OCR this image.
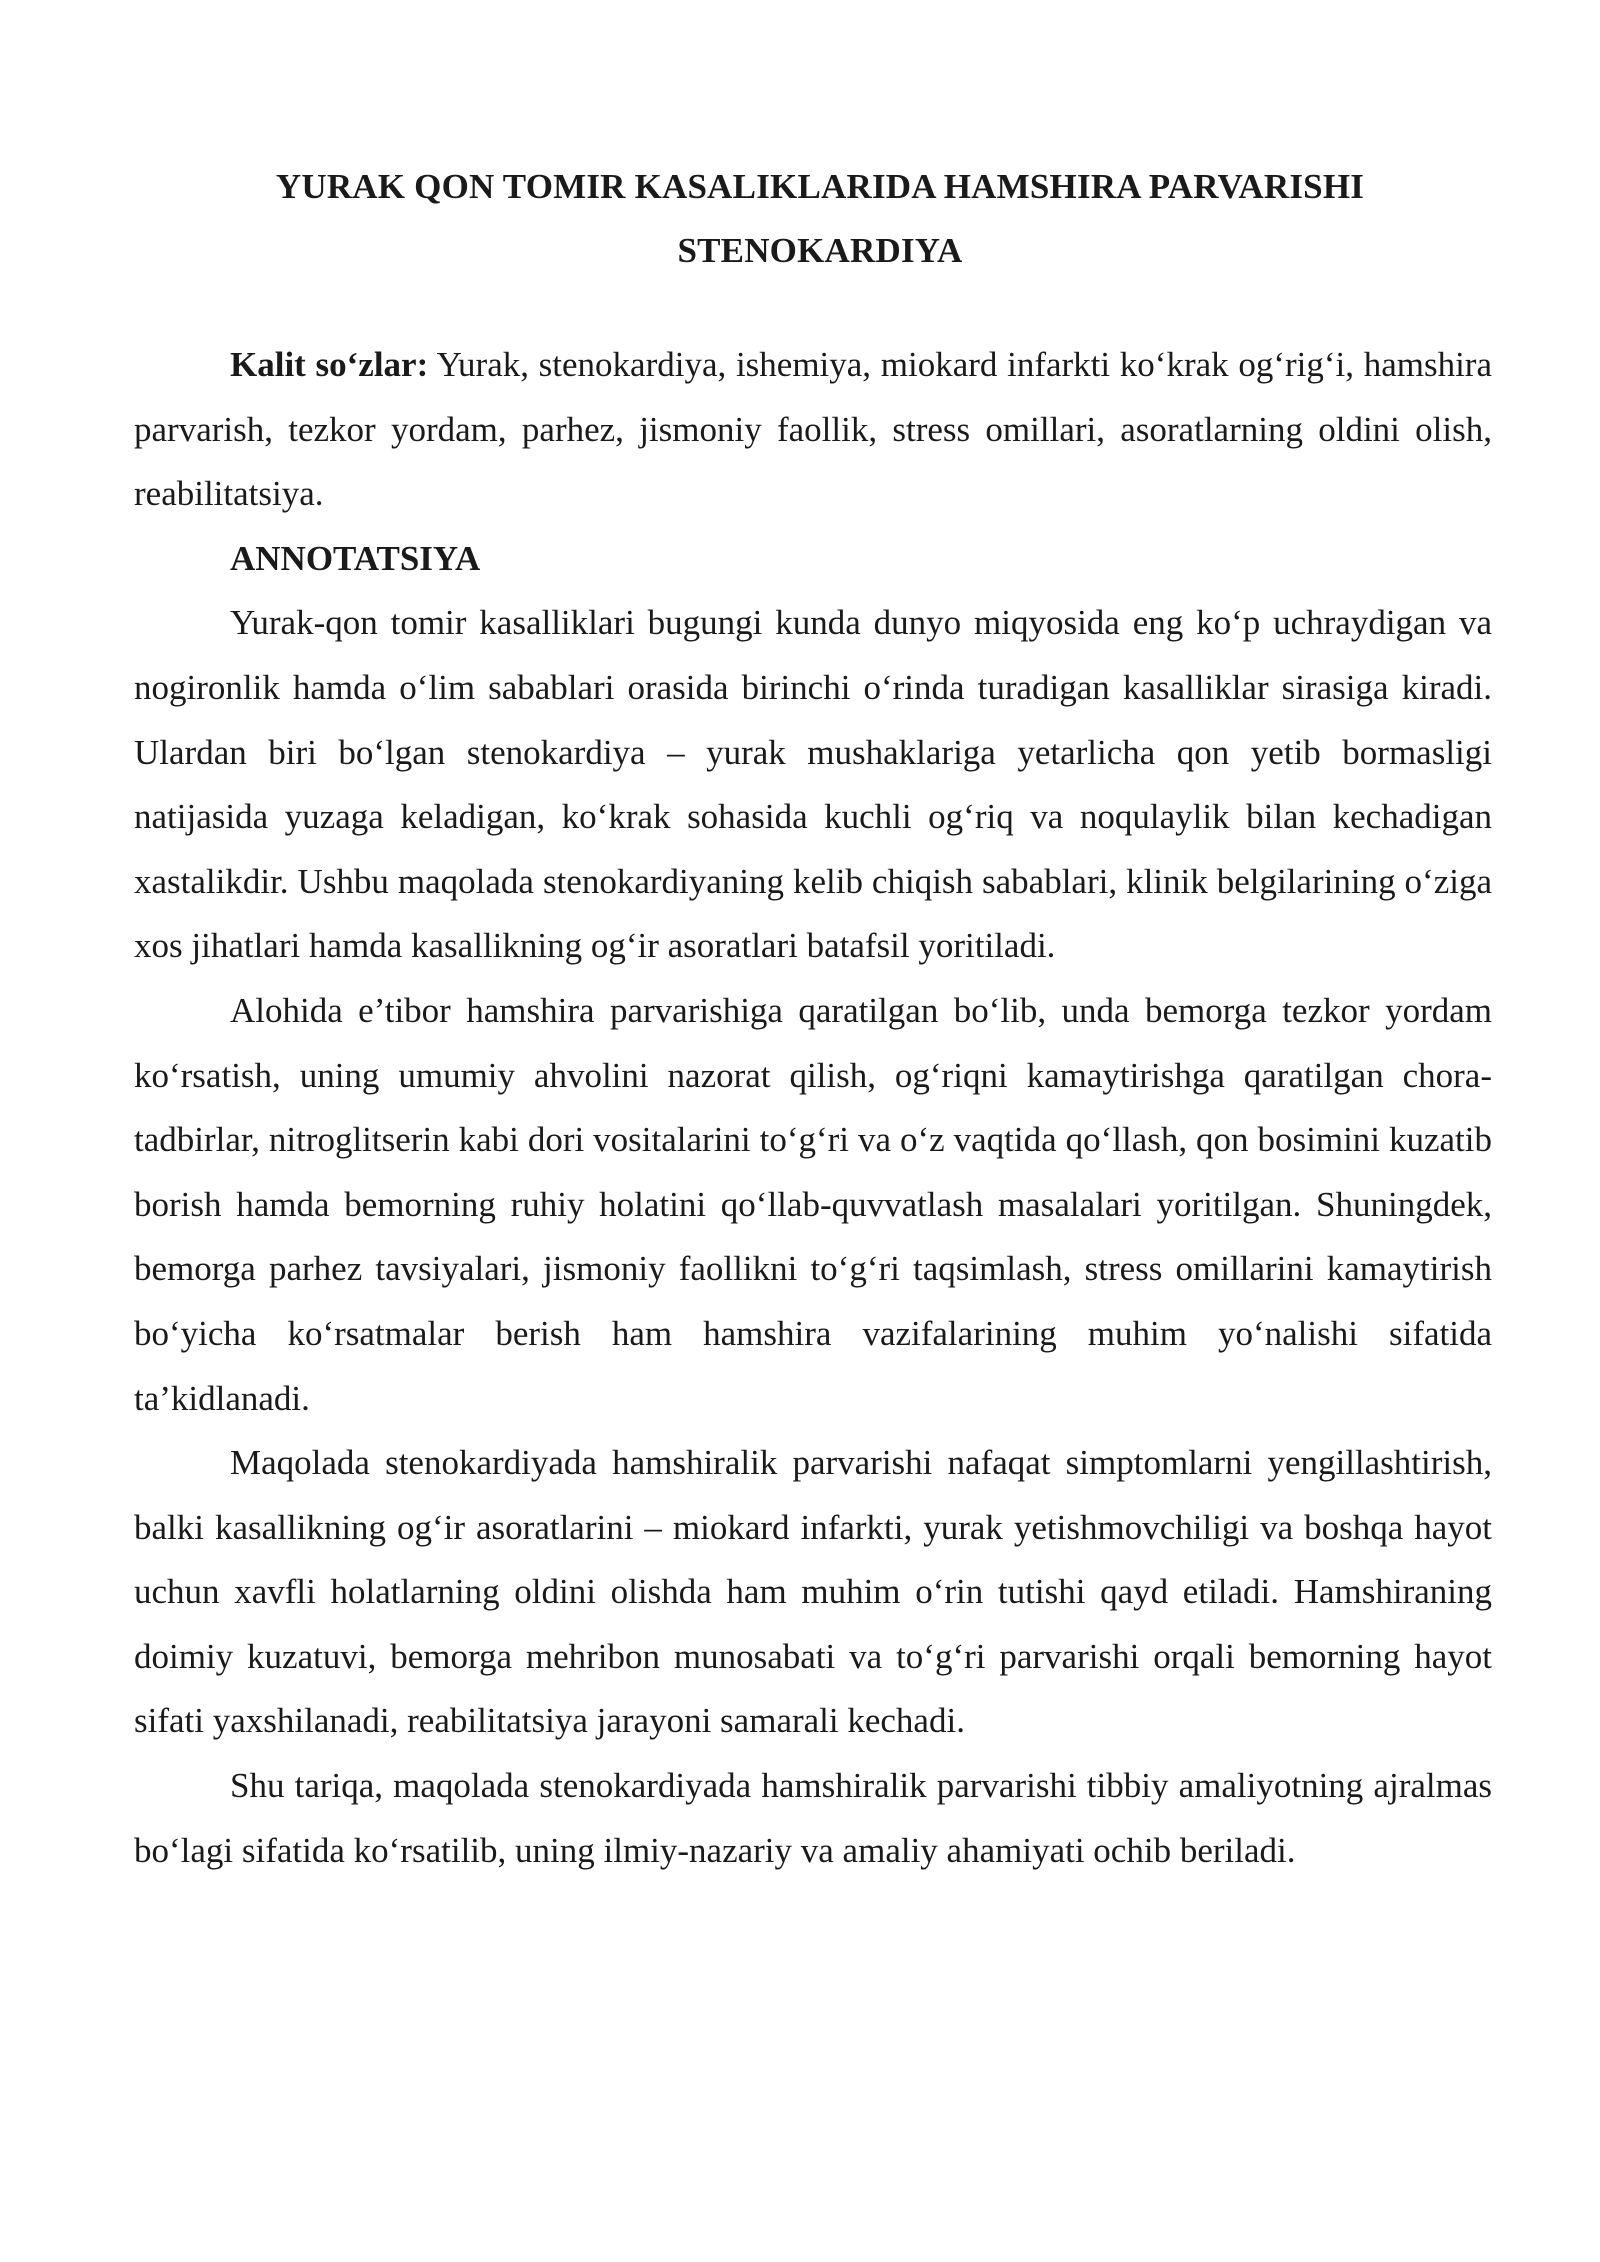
YURAK QON TOMIR KASALIKLARIDA HAMSHIRA PARVARISHI
STENOKARDIYA

Kalit so‘zlar: Yurak, stenokardiya, ishemiya, miokard infarkti ko‘krak og‘rig‘i, hamshira parvarish, tezkor yordam, parhez, jismoniy faollik, stress omillari, asoratlarning oldini olish, reabilitatsiya.

ANNOTATSIYA

Yurak-qon tomir kasalliklari bugungi kunda dunyo miqyosida eng ko‘p uchraydigan va nogironlik hamda o‘lim sabablari orasida birinchi o‘rinda turadigan kasalliklar sirasiga kiradi. Ulardan biri bo‘lgan stenokardiya – yurak mushaklariga yetarlicha qon yetib bormasligi natijasida yuzaga keladigan, ko‘krak sohasida kuchli og‘riq va noqulaylik bilan kechadigan xastalikdir. Ushbu maqolada stenokardiyaning kelib chiqish sabablari, klinik belgilarining o‘ziga xos jihatlari hamda kasallikning og‘ir asoratlari batafsil yoritiladi.

Alohida e’tibor hamshira parvarishiga qaratilgan bo‘lib, unda bemorga tezkor yordam ko‘rsatish, uning umumiy ahvolini nazorat qilish, og‘riqni kamaytirishga qaratilgan chora-tadbirlar, nitroglitserin kabi dori vositalarini to‘g‘ri va o‘z vaqtida qo‘llash, qon bosimini kuzatib borish hamda bemorning ruhiy holatini qo‘llab-quvvatlash masalalari yoritilgan. Shuningdek, bemorga parhez tavsiyalari, jismoniy faollikni to‘g‘ri taqsimlash, stress omillarini kamaytirish bo‘yicha ko‘rsatmalar berish ham hamshira vazifalarining muhim yo‘nalishi sifatida ta’kidlanadi.

Maqolada stenokardiyada hamshiralik parvarishi nafaqat simptomlarni yengillashtirish, balki kasallikning og‘ir asoratlarini – miokard infarkti, yurak yetishmovchiligi va boshqa hayot uchun xavfli holatlarning oldini olishda ham muhim o‘rin tutishi qayd etiladi. Hamshiraning doimiy kuzatuvi, bemorga mehribon munosabati va to‘g‘ri parvarishi orqali bemorning hayot sifati yaxshilanadi, reabilitatsiya jarayoni samarali kechadi.

Shu tariqa, maqolada stenokardiyada hamshiralik parvarishi tibbiy amaliyotning ajralmas bo‘lagi sifatida ko‘rsatilib, uning ilmiy-nazariy va amaliy ahamiyati ochib beriladi.
